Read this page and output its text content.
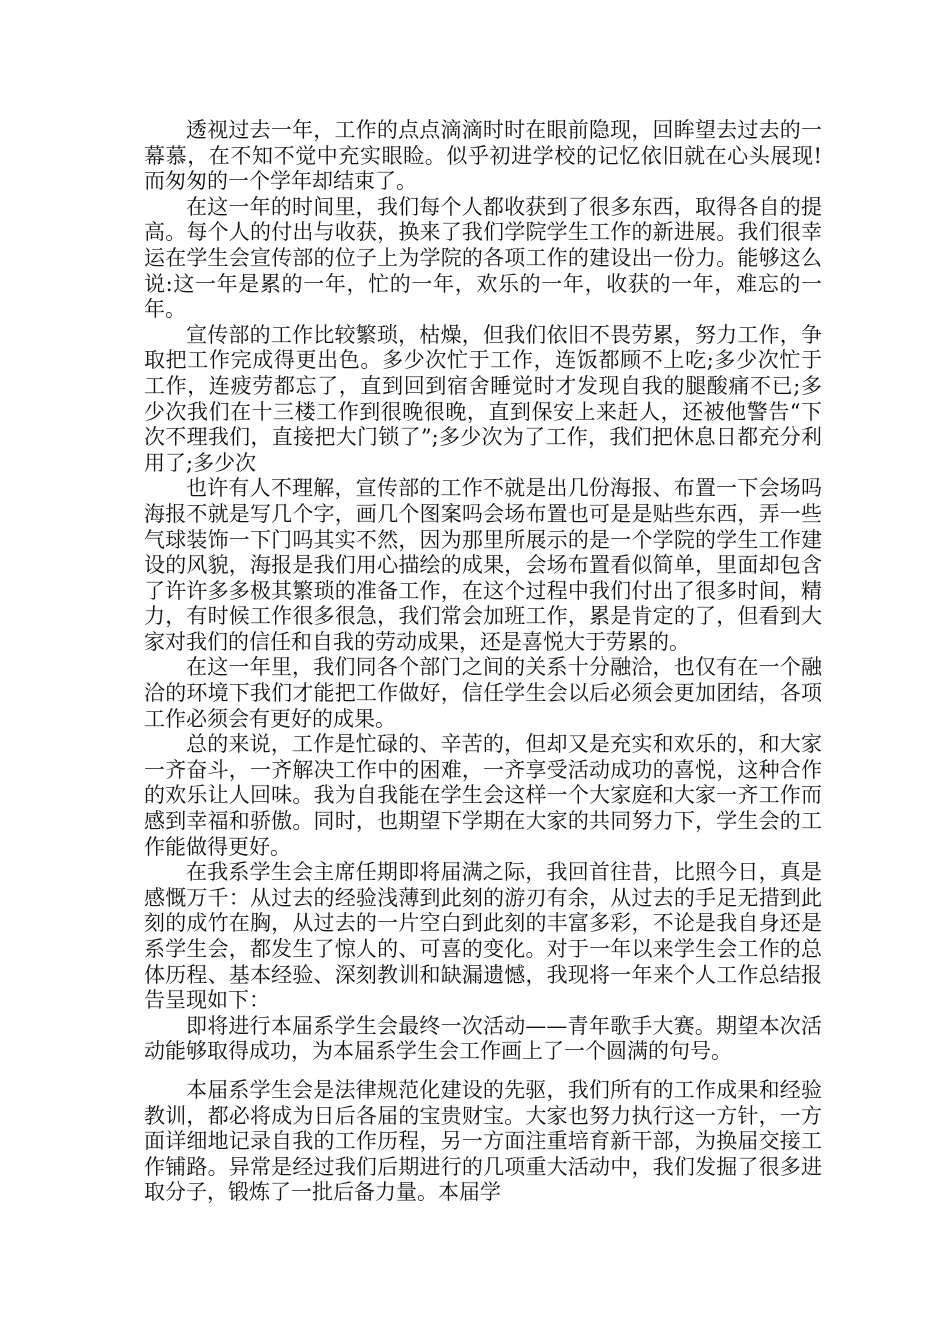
透视过去一年，工作的点点滴滴时时在眼前隐现，回眸望去过去的一幕慕，在不知不觉中充实眼睑。似乎初进学校的记忆依旧就在心头展现!而匆匆的一个学年却结束了。

在这一年的时间里，我们每个人都收获到了很多东西，取得各自的提高。每个人的付出与收获，换来了我们学院学生工作的新进展。我们很幸运在学生会宣传部的位子上为学院的各项工作的建设出一份力。能够这么说:这一年是累的一年，忙的一年，欢乐的一年，收获的一年，难忘的一年。

宣传部的工作比较繁琐，枯燥，但我们依旧不畏劳累，努力工作，争取把工作完成得更出色。多少次忙于工作，连饭都顾不上吃;多少次忙于工作，连疲劳都忘了，直到回到宿舍睡觉时才发现自我的腿酸痛不已;多少次我们在十三楼工作到很晚很晚，直到保安上来赶人，还被他警告“下次不理我们，直接把大门锁了”;多少次为了工作，我们把休息日都充分利用了;多少次

也许有人不理解，宣传部的工作不就是出几份海报、布置一下会场吗海报不就是写几个字，画几个图案吗会场布置也可是是贴些东西，弄一些气球装饰一下门吗其实不然，因为那里所展示的是一个学院的学生工作建设的风貌，海报是我们用心描绘的成果，会场布置看似简单，里面却包含了许许多多极其繁琐的准备工作，在这个过程中我们付出了很多时间，精力，有时候工作很多很急，我们常会加班工作，累是肯定的了，但看到大家对我们的信任和自我的劳动成果，还是喜悦大于劳累的。

在这一年里，我们同各个部门之间的关系十分融洽，也仅有在一个融洽的环境下我们才能把工作做好，信任学生会以后必须会更加团结，各项工作必须会有更好的成果。

总的来说，工作是忙碌的、辛苦的，但却又是充实和欢乐的，和大家一齐奋斗，一齐解决工作中的困难，一齐享受活动成功的喜悦，这种合作的欢乐让人回味。我为自我能在学生会这样一个大家庭和大家一齐工作而感到幸福和骄傲。同时，也期望下学期在大家的共同努力下，学生会的工作能做得更好。

在我系学生会主席任期即将届满之际，我回首往昔，比照今日，真是感慨万千：从过去的经验浅薄到此刻的游刃有余，从过去的手足无措到此刻的成竹在胸，从过去的一片空白到此刻的丰富多彩，不论是我自身还是系学生会，都发生了惊人的、可喜的变化。对于一年以来学生会工作的总体历程、基本经验、深刻教训和缺漏遗憾，我现将一年来个人工作总结报告呈现如下：

即将进行本届系学生会最终一次活动——青年歌手大赛。期望本次活动能够取得成功，为本届系学生会工作画上了一个圆满的句号。

本届系学生会是法律规范化建设的先驱，我们所有的工作成果和经验教训，都必将成为日后各届的宝贵财宝。大家也努力执行这一方针，一方面详细地记录自我的工作历程，另一方面注重培育新干部，为换届交接工作铺路。异常是经过我们后期进行的几项重大活动中，我们发掘了很多进取分子，锻炼了一批后备力量。本届学
